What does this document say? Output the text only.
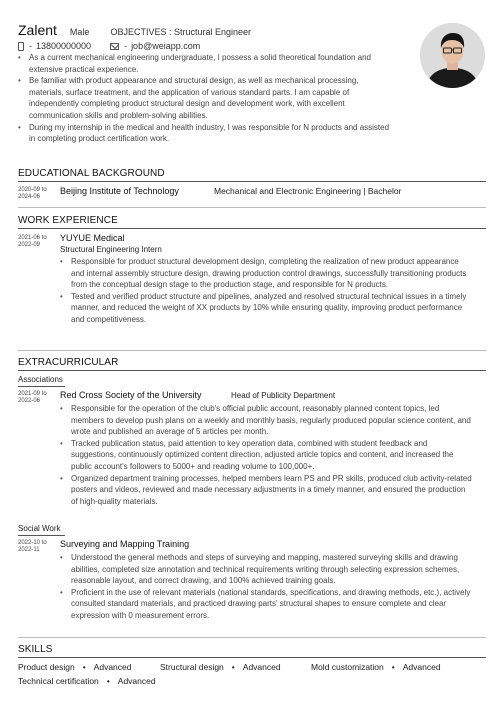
Zalent Male OBJECTIVES : Structural Engineer
- 13800000000	- job@weiapp.com
• As a current mechanical engineering undergraduate, I possess a solid theoretical foundation and extensive practical experience.
• Be familiar with product appearance and structural design, as well as mechanical processing, materials, surface treatment, and the application of various standard parts. I am capable of independently completing product structural design and development work, with excellent communication skills and problem-solving abilities.
• During my internship in the medical and health industry, I was responsible for N products and assisted in completing product certification work.
EDUCATIONAL BACKGROUND
2020-09 to
2024-06
Beijing Institute of Technology	Mechanical and Electronic Engineering | Bachelor
WORK EXPERIENCE
2021-06 to
2022-09
YUYUE Medical
Structural Engineering Intern
• Responsible for product structural development design, completing the realization of new product appearance and internal assembly structure design, drawing production control drawings, successfully transitioning products from the conceptual design stage to the production stage, and responsible for N products.
• Tested and verified product structure and pipelines, analyzed and resolved structural technical issues in a timely manner, and reduced the weight of XX products by 10% while ensuring quality, improving product performance and competitiveness.
EXTRACURRICULAR
Associations
2021-09 to
2022-06
Red Cross Society of the University	Head of Publicity Department
• Responsible for the operation of the club's official public account, reasonably planned content topics, led members to develop push plans on a weekly and monthly basis, regularly produced popular science content, and wrote and published an average of 5 articles per month.
• Tracked publication status, paid attention to key operation data, combined with student feedback and suggestions, continuously optimized content direction, adjusted article topics and content, and increased the public account's followers to 5000+ and reading volume to 100,000+.
• Organized department training processes, helped members learn PS and PR skills, produced club activity-related posters and videos, reviewed and made necessary adjustments in a timely manner, and ensured the production of high-quality materials.
Social Work
2022-10 to
2022-11
Surveying and Mapping Training
• Understood the general methods and steps of surveying and mapping, mastered surveying skills and drawing abilities, completed size annotation and technical requirements writing through selecting expression schemes, reasonable layout, and correct drawing, and 100% achieved training goals.
• Proficient in the use of relevant materials (national standards, specifications, and drawing methods, etc.), actively consulted standard materials, and practiced drawing parts' structural shapes to ensure complete and clear expression with 0 measurement errors.
SKILLS
Product design • Advanced	Structural design • Advanced	Mold customization • Advanced
Technical certification • Advanced
